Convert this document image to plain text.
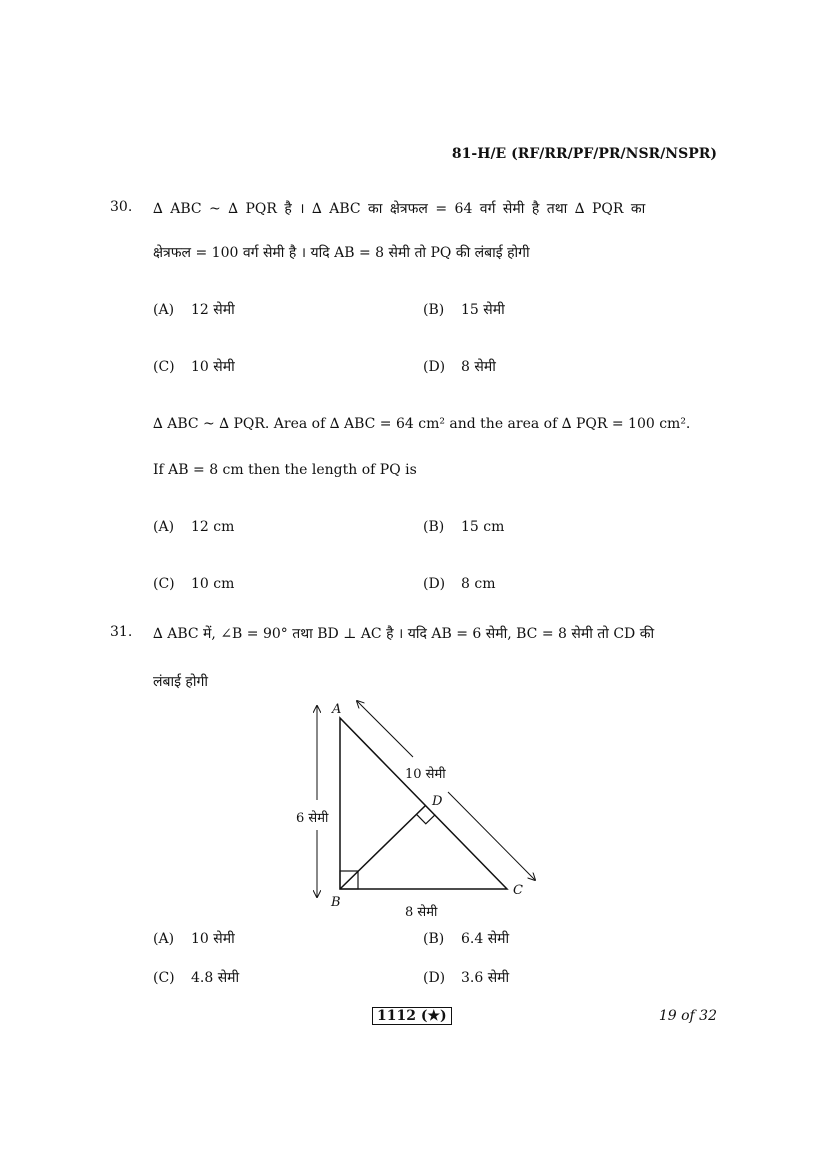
81-H/E (RF/RR/PF/PR/NSR/NSPR)
30. ∆ ABC ~ ∆ PQR है । ∆ ABC का क्षेत्रफल = 64 वर्ग सेमी है तथा ∆ PQR का
क्षेत्रफल = 100 वर्ग सेमी है । यदि AB = 8 सेमी तो PQ की लंबाई होगी
(A) 12 सेमी	(B) 15 सेमी
(C) 10 सेमी	(D) 8 सेमी
∆ ABC ~ ∆ PQR. Area of ∆ ABC = 64 cm² and the area of ∆ PQR = 100 cm².
If AB = 8 cm then the length of PQ is
(A) 12 cm	(B) 15 cm
(C) 10 cm	(D) 8 cm
31. ∆ ABC में, ∠B = 90° तथा BD ⊥ AC है । यदि AB = 6 सेमी, BC = 8 सेमी तो CD की
लंबाई होगी
A
B
C
D
6 सेमी
8 सेमी
10 सेमी
(A) 10 सेमी	(B) 6.4 सेमी
(C) 4.8 सेमी	(D) 3.6 सेमी
1112 (★)	19 of 32
